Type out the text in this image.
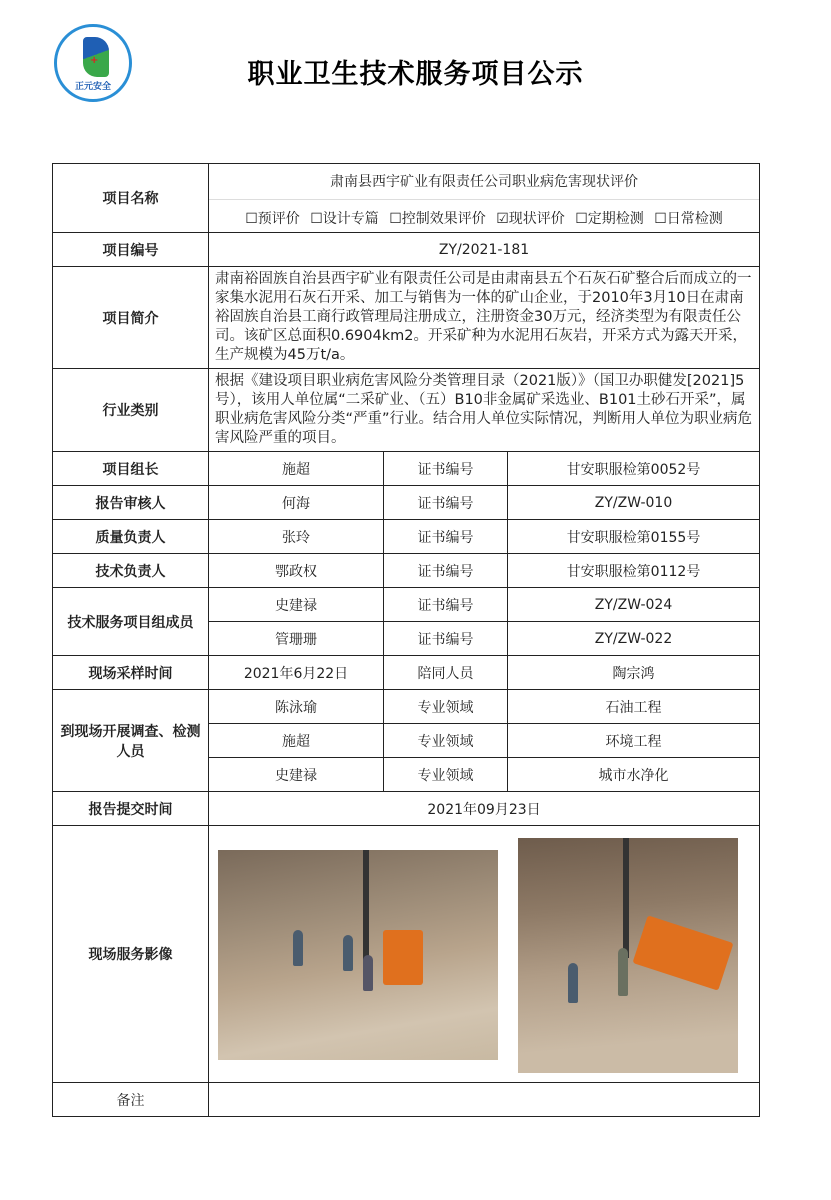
+
正元安全	职业卫生技术服务项目公示
项目名称	肃南县西宇矿业有限责任公司职业病危害现状评价
☐预评价 ☐设计专篇 ☐控制效果评价 ☑现状评价 ☐定期检测 ☐日常检测		

项目编号	ZY/2021-181		
项目简介	肃南裕固族自治县西宇矿业有限责任公司是由肃南县五个石灰石矿整合后而成立的一家集水泥用石灰石开采、加工与销售为一体的矿山企业，于2010年3月10日在肃南裕固族自治县工商行政管理局注册成立，注册资金30万元，经济类型为有限责任公司。该矿区总面积0.6904km2。开采矿种为水泥用石灰岩，开采方式为露天开采，生产规模为45万t/a。		
行业类别	根据《建设项目职业病危害风险分类管理目录（2021版）》（国卫办职健发[2021]5号），该用人单位属“二采矿业、（五）B10非金属矿采选业、B101土砂石开采”，属职业病危害风险分类“严重”行业。结合用人单位实际情况，判断用人单位为职业病危害风险严重的项目。		
项目组长	施超	证书编号	甘安职服检第0052号
报告审核人	何海	证书编号	ZY/ZW-010
质量负责人	张玲	证书编号	甘安职服检第0155号
技术负责人	鄂政权	证书编号	甘安职服检第0112号
技术服务项目组成员	史建禄	证书编号	ZY/ZW-024
	管珊珊	证书编号	ZY/ZW-022
现场采样时间	2021年6月22日	陪同人员	陶宗鸿
到现场开展调查、检测人员	陈泳瑜	专业领域	石油工程
	施超	专业领域	环境工程
	史建禄	专业领域	城市水净化
报告提交时间	2021年09月23日		
现场服务影像			
备注			
